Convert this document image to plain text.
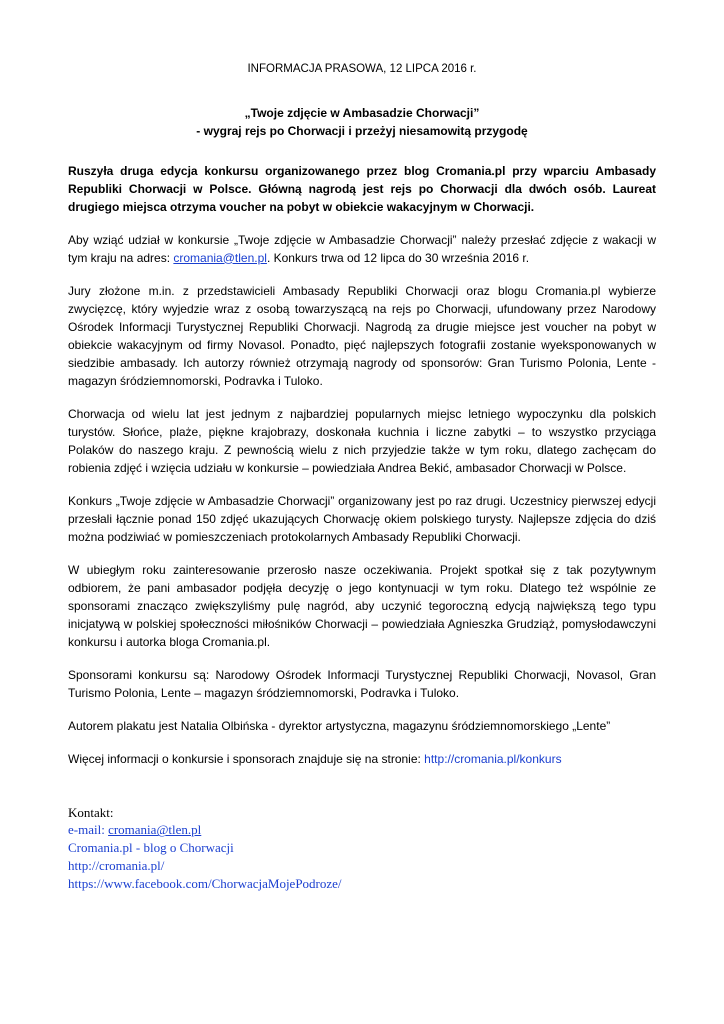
INFORMACJA PRASOWA, 12 LIPCA 2016 r.
„Twoje zdjęcie w Ambasadzie Chorwacji”
- wygraj rejs po Chorwacji i przeżyj niesamowitą przygodę

Ruszyła druga edycja konkursu organizowanego przez blog Cromania.pl przy wparciu Ambasady Republiki Chorwacji w Polsce. Główną nagrodą jest rejs po Chorwacji dla dwóch osób. Laureat drugiego miejsca otrzyma voucher na pobyt w obiekcie wakacyjnym w Chorwacji.

Aby wziąć udział w konkursie „Twoje zdjęcie w Ambasadzie Chorwacji” należy przesłać zdjęcie z wakacji w tym kraju na adres: cromania@tlen.pl. Konkurs trwa od 12 lipca do 30 września 2016 r.

Jury złożone m.in. z przedstawicieli Ambasady Republiki Chorwacji oraz blogu Cromania.pl wybierze zwycięzcę, który wyjedzie wraz z osobą towarzyszącą na rejs po Chorwacji, ufundowany przez Narodowy Ośrodek Informacji Turystycznej Republiki Chorwacji. Nagrodą za drugie miejsce jest voucher na pobyt w obiekcie wakacyjnym od firmy Novasol. Ponadto, pięć najlepszych fotografii zostanie wyeksponowanych w siedzibie ambasady. Ich autorzy również otrzymają nagrody od sponsorów: Gran Turismo Polonia, Lente - magazyn śródziemnomorski, Podravka i Tuloko.

Chorwacja od wielu lat jest jednym z najbardziej popularnych miejsc letniego wypoczynku dla polskich turystów. Słońce, plaże, piękne krajobrazy, doskonała kuchnia i liczne zabytki – to wszystko przyciąga Polaków do naszego kraju. Z pewnością wielu z nich przyjedzie także w tym roku, dlatego zachęcam do robienia zdjęć i wzięcia udziału w konkursie – powiedziała Andrea Bekić, ambasador Chorwacji w Polsce.

Konkurs „Twoje zdjęcie w Ambasadzie Chorwacji” organizowany jest po raz drugi. Uczestnicy pierwszej edycji przesłali łącznie ponad 150 zdjęć ukazujących Chorwację okiem polskiego turysty. Najlepsze zdjęcia do dziś można podziwiać w pomieszczeniach protokolarnych Ambasady Republiki Chorwacji.

W ubiegłym roku zainteresowanie przerosło nasze oczekiwania. Projekt spotkał się z tak pozytywnym odbiorem, że pani ambasador podjęła decyzję o jego kontynuacji w tym roku. Dlatego też wspólnie ze sponsorami znacząco zwiększyliśmy pulę nagród, aby uczynić tegoroczną edycją największą tego typu inicjatywą w polskiej społeczności miłośników Chorwacji – powiedziała Agnieszka Grudziąż, pomysłodawczyni konkursu i autorka bloga Cromania.pl.

Sponsorami konkursu są: Narodowy Ośrodek Informacji Turystycznej Republiki Chorwacji, Novasol, Gran Turismo Polonia, Lente – magazyn śródziemnomorski, Podravka i Tuloko.

Autorem plakatu jest Natalia Olbińska - dyrektor artystyczna, magazynu śródziemnomorskiego „Lente”

Więcej informacji o konkursie i sponsorach znajduje się na stronie: http://cromania.pl/konkurs

Kontakt:
e-mail: cromania@tlen.pl
Cromania.pl - blog o Chorwacji
http://cromania.pl/
https://www.facebook.com/ChorwacjaMojePodroze/
